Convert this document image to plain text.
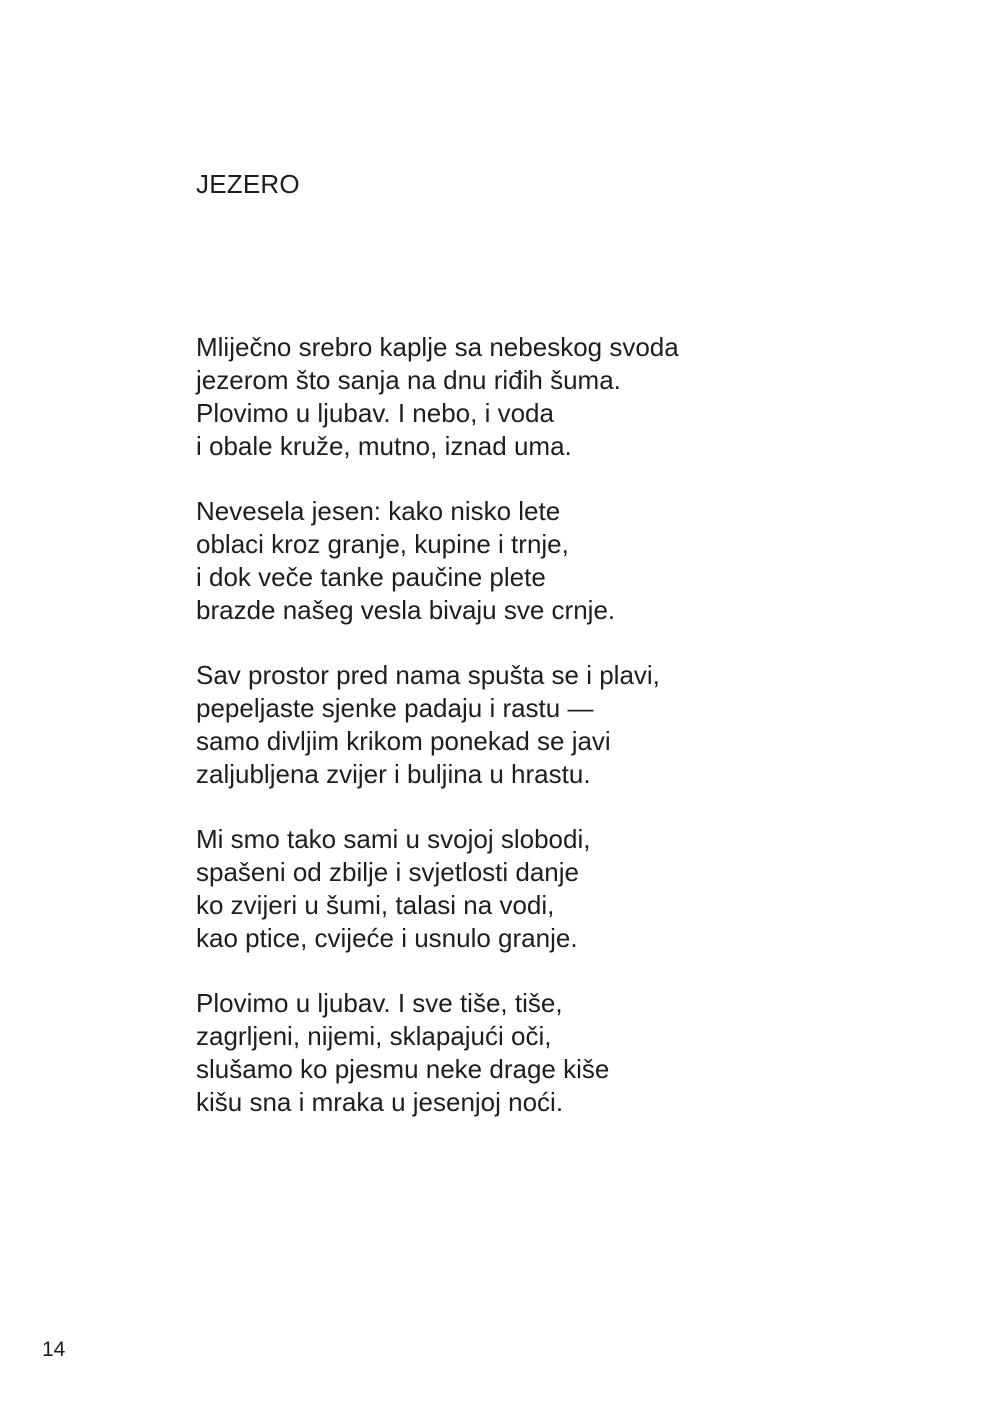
JEZERO
Mliječno srebro kaplje sa nebeskog svoda
jezerom što sanja na dnu riđih šuma.
Plovimo u ljubav. I nebo, i voda
i obale kruže, mutno, iznad uma.
Nevesela jesen: kako nisko lete
oblaci kroz granje, kupine i trnje,
i dok veče tanke paučine plete
brazde našeg vesla bivaju sve crnje.
Sav prostor pred nama spušta se i plavi,
pepeljaste sjenke padaju i rastu —
samo divljim krikom ponekad se javi
zaljubljena zvijer i buljina u hrastu.
Mi smo tako sami u svojoj slobodi,
spašeni od zbilje i svjetlosti danje
ko zvijeri u šumi, talasi na vodi,
kao ptice, cvijeće i usnulo granje.
Plovimo u ljubav. I sve tiše, tiše,
zagrljeni, nijemi, sklapajući oči,
slušamo ko pjesmu neke drage kiše
kišu sna i mraka u jesenjoj noći.
14
